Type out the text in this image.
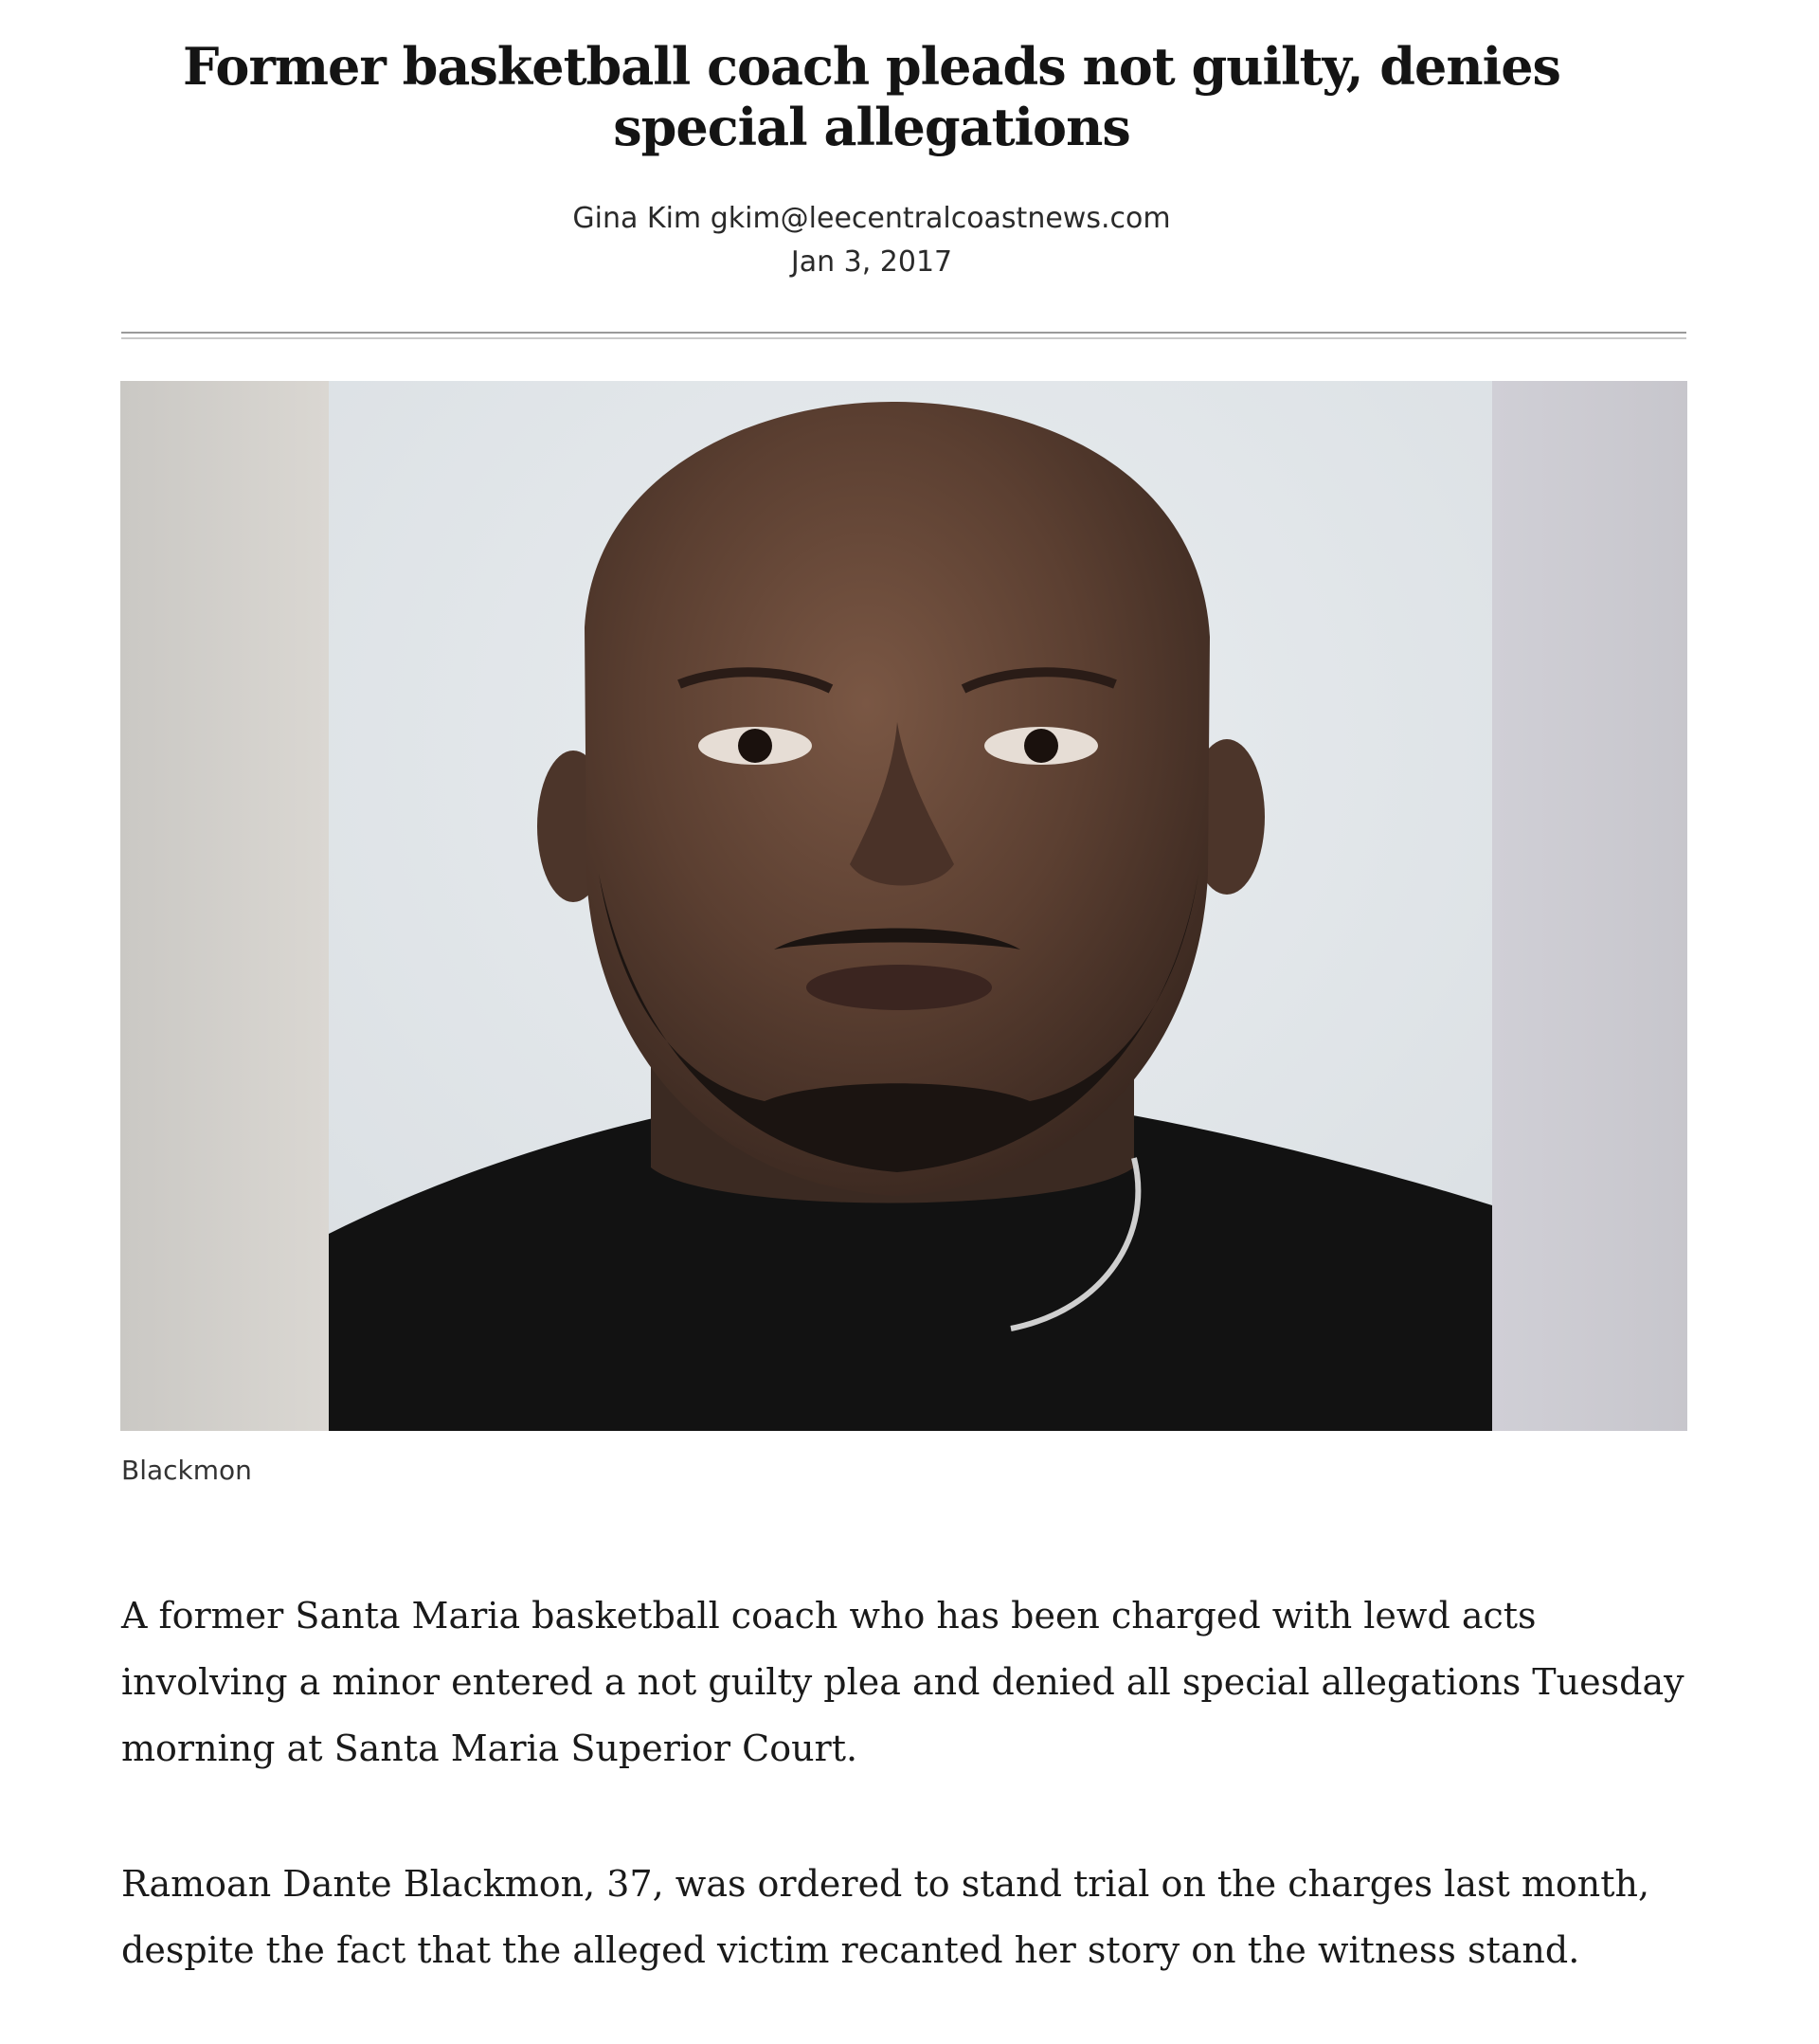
Former basketball coach pleads not guilty, denies special allegations
Gina Kim gkim@leecentralcoastnews.com
Jan 3, 2017
Blackmon

A former Santa Maria basketball coach who has been charged with lewd acts involving a minor entered a not guilty plea and denied all special allegations Tuesday morning at Santa Maria Superior Court.

Ramoan Dante Blackmon, 37, was ordered to stand trial on the charges last month, despite the fact that the alleged victim recanted her story on the witness stand.
